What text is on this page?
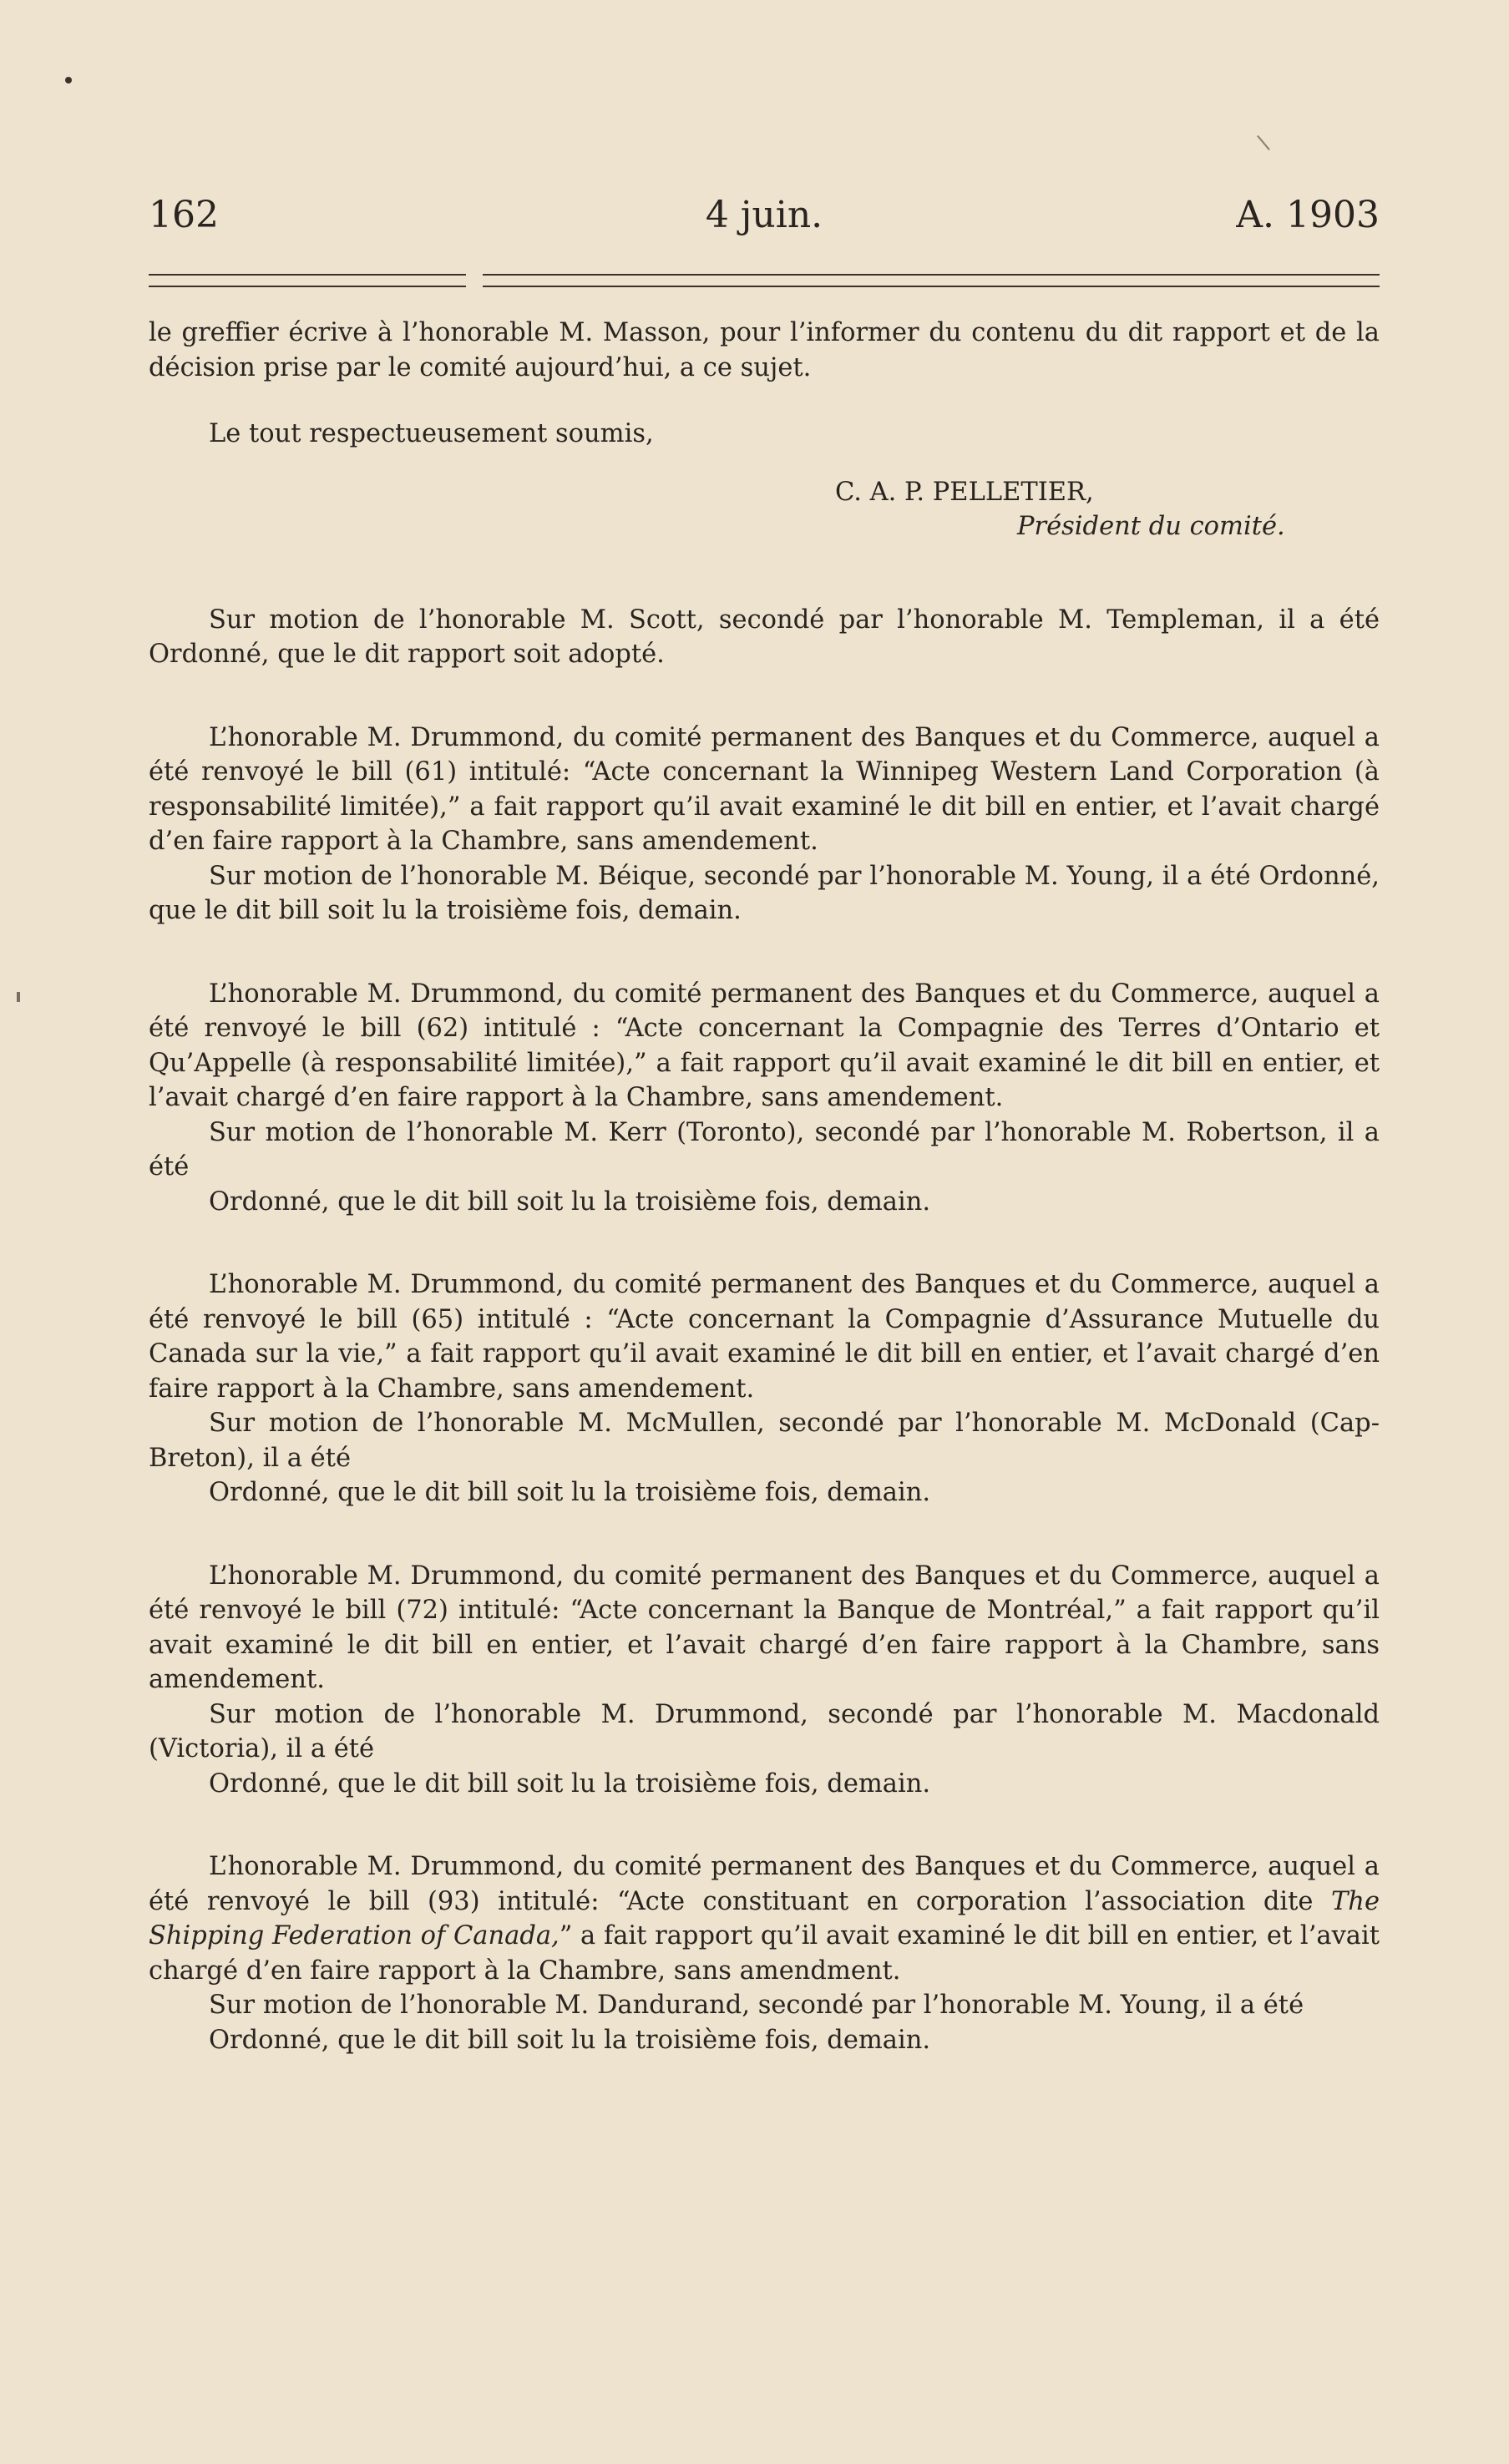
4 juin.
162	A. 1903

le greffier écrive à l’honorable M. Masson, pour l’informer du contenu du dit rapport et de la décision prise par le comité aujourd’hui, a ce sujet.

Le tout respectueusement soumis,

C. A. P. PELLETIER,

Président du comité.

Sur motion de l’honorable M. Scott, secondé par l’honorable M. Templeman, il a été Ordonné, que le dit rapport soit adopté.

L’honorable M. Drummond, du comité permanent des Banques et du Commerce, auquel a été renvoyé le bill (61) intitulé: “Acte concernant la Winnipeg Western Land Corporation (à responsabilité limitée),” a fait rapport qu’il avait examiné le dit bill en entier, et l’avait chargé d’en faire rapport à la Chambre, sans amendement.

Sur motion de l’honorable M. Béique, secondé par l’honorable M. Young, il a été Ordonné, que le dit bill soit lu la troisième fois, demain.

L’honorable M. Drummond, du comité permanent des Banques et du Commerce, auquel a été renvoyé le bill (62) intitulé : “Acte concernant la Compagnie des Terres d’Ontario et Qu’Appelle (à responsabilité limitée),” a fait rapport qu’il avait examiné le dit bill en entier, et l’avait chargé d’en faire rapport à la Chambre, sans amendement.

Sur motion de l’honorable M. Kerr (Toronto), secondé par l’honorable M. Robertson, il a été

Ordonné, que le dit bill soit lu la troisième fois, demain.

L’honorable M. Drummond, du comité permanent des Banques et du Commerce, auquel a été renvoyé le bill (65) intitulé : “Acte concernant la Compagnie d’Assurance Mutuelle du Canada sur la vie,” a fait rapport qu’il avait examiné le dit bill en entier, et l’avait chargé d’en faire rapport à la Chambre, sans amendement.

Sur motion de l’honorable M. McMullen, secondé par l’honorable M. McDonald (Cap-Breton), il a été

Ordonné, que le dit bill soit lu la troisième fois, demain.

L’honorable M. Drummond, du comité permanent des Banques et du Commerce, auquel a été renvoyé le bill (72) intitulé: “Acte concernant la Banque de Montréal,” a fait rapport qu’il avait examiné le dit bill en entier, et l’avait chargé d’en faire rapport à la Chambre, sans amendement.

Sur motion de l’honorable M. Drummond, secondé par l’honorable M. Macdonald (Victoria), il a été

Ordonné, que le dit bill soit lu la troisième fois, demain.

L’honorable M. Drummond, du comité permanent des Banques et du Commerce, auquel a été renvoyé le bill (93) intitulé: “Acte constituant en corporation l’association dite The Shipping Federation of Canada,” a fait rapport qu’il avait examiné le dit bill en entier, et l’avait chargé d’en faire rapport à la Chambre, sans amendment.

Sur motion de l’honorable M. Dandurand, secondé par l’honorable M. Young, il a été

Ordonné, que le dit bill soit lu la troisième fois, demain.
